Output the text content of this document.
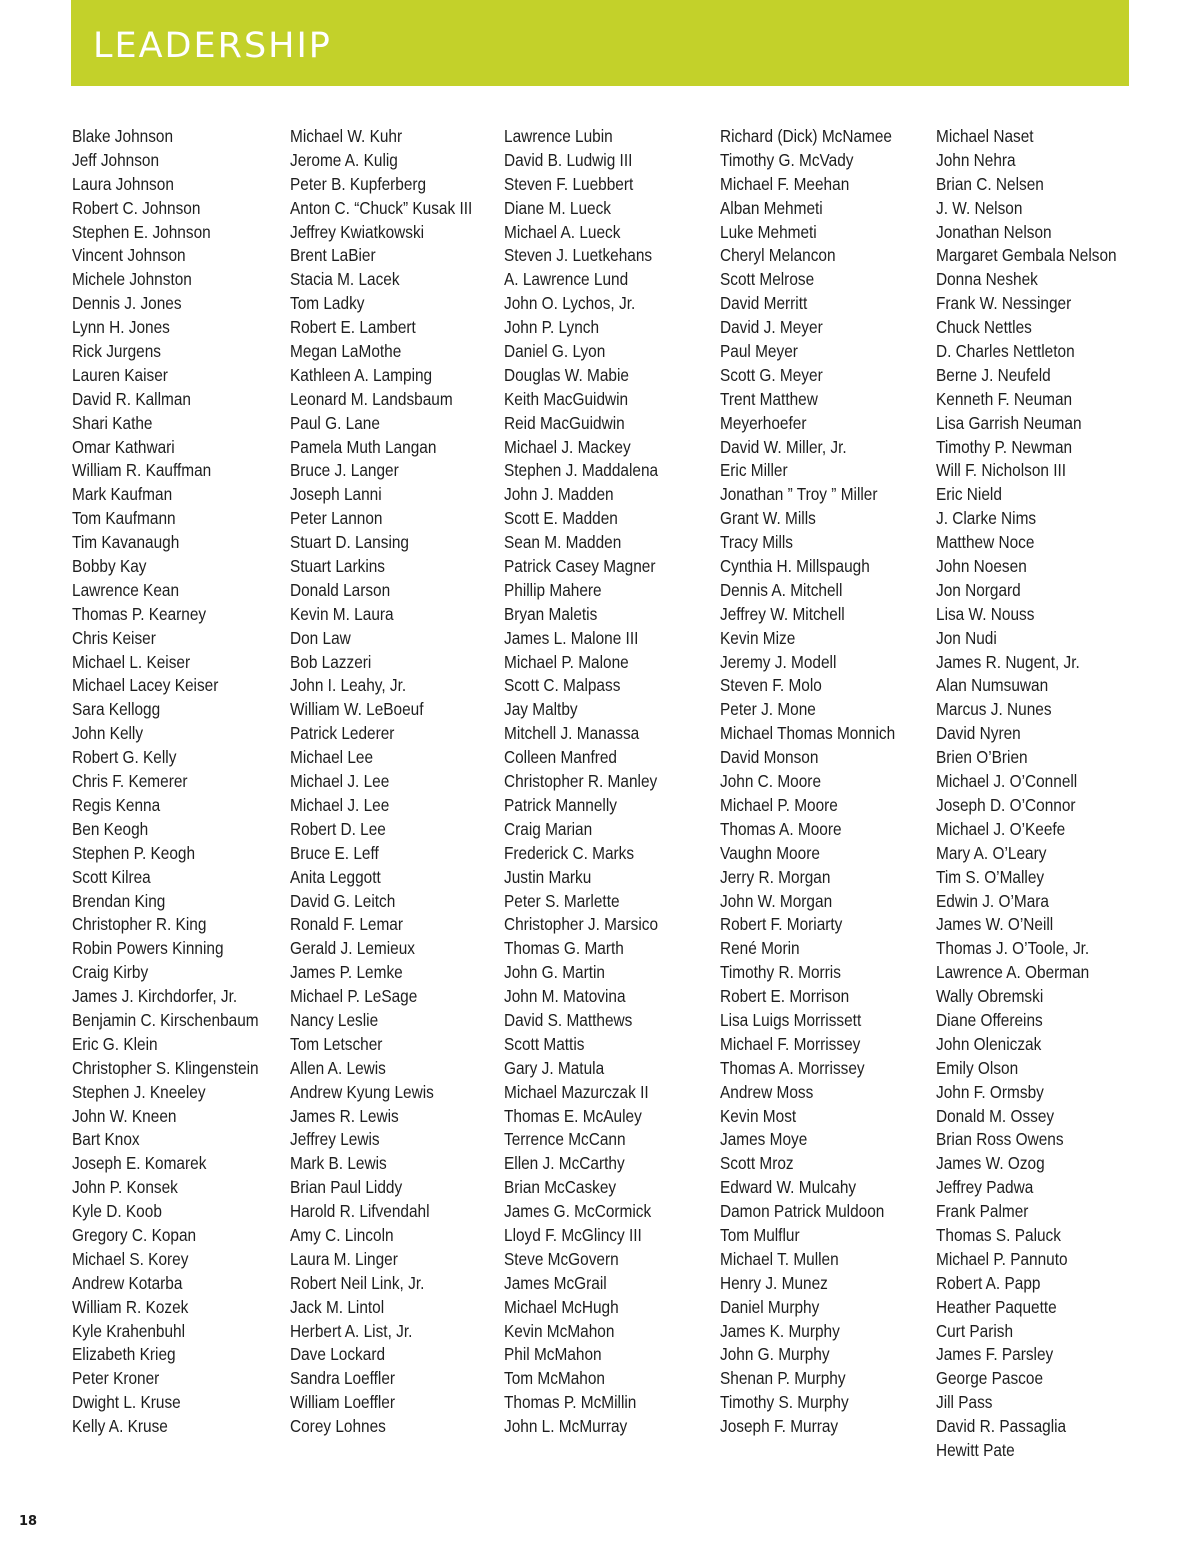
LEADERSHIP
Blake Johnson
Jeff Johnson
Laura Johnson
Robert C. Johnson
Stephen E. Johnson
Vincent Johnson
Michele Johnston
Dennis J. Jones
Lynn H. Jones
Rick Jurgens
Lauren Kaiser
David R. Kallman
Shari Kathe
Omar Kathwari
William R. Kauffman
Mark Kaufman
Tom Kaufmann
Tim Kavanaugh
Bobby Kay
Lawrence Kean
Thomas P. Kearney
Chris Keiser
Michael L. Keiser
Michael Lacey Keiser
Sara Kellogg
John Kelly
Robert G. Kelly
Chris F. Kemerer
Regis Kenna
Ben Keogh
Stephen P. Keogh
Scott Kilrea
Brendan King
Christopher R. King
Robin Powers Kinning
Craig Kirby
James J. Kirchdorfer, Jr.
Benjamin C. Kirschenbaum
Eric G. Klein
Christopher S. Klingenstein
Stephen J. Kneeley
John W. Kneen
Bart Knox
Joseph E. Komarek
John P. Konsek
Kyle D. Koob
Gregory C. Kopan
Michael S. Korey
Andrew Kotarba
William R. Kozek
Kyle Krahenbuhl
Elizabeth Krieg
Peter Kroner
Dwight L. Kruse
Kelly A. Kruse
Michael W. Kuhr
Jerome A. Kulig
Peter B. Kupferberg
Anton C. “Chuck” Kusak III
Jeffrey Kwiatkowski
Brent LaBier
Stacia M. Lacek
Tom Ladky
Robert E. Lambert
Megan LaMothe
Kathleen A. Lamping
Leonard M. Landsbaum
Paul G. Lane
Pamela Muth Langan
Bruce J. Langer
Joseph Lanni
Peter Lannon
Stuart D. Lansing
Stuart Larkins
Donald Larson
Kevin M. Laura
Don Law
Bob Lazzeri
John I. Leahy, Jr.
William W. LeBoeuf
Patrick Lederer
Michael Lee
Michael J. Lee
Michael J. Lee
Robert D. Lee
Bruce E. Leff
Anita Leggott
David G. Leitch
Ronald F. Lemar
Gerald J. Lemieux
James P. Lemke
Michael P. LeSage
Nancy Leslie
Tom Letscher
Allen A. Lewis
Andrew Kyung Lewis
James R. Lewis
Jeffrey Lewis
Mark B. Lewis
Brian Paul Liddy
Harold R. Lifvendahl
Amy C. Lincoln
Laura M. Linger
Robert Neil Link, Jr.
Jack M. Lintol
Herbert A. List, Jr.
Dave Lockard
Sandra Loeffler
William Loeffler
Corey Lohnes
Lawrence Lubin
David B. Ludwig III
Steven F. Luebbert
Diane M. Lueck
Michael A. Lueck
Steven J. Luetkehans
A. Lawrence Lund
John O. Lychos, Jr.
John P. Lynch
Daniel G. Lyon
Douglas W. Mabie
Keith MacGuidwin
Reid MacGuidwin
Michael J. Mackey
Stephen J. Maddalena
John J. Madden
Scott E. Madden
Sean M. Madden
Patrick Casey Magner
Phillip Mahere
Bryan Maletis
James L. Malone III
Michael P. Malone
Scott C. Malpass
Jay Maltby
Mitchell J. Manassa
Colleen Manfred
Christopher R. Manley
Patrick Mannelly
Craig Marian
Frederick C. Marks
Justin Marku
Peter S. Marlette
Christopher J. Marsico
Thomas G. Marth
John G. Martin
John M. Matovina
David S. Matthews
Scott Mattis
Gary J. Matula
Michael Mazurczak II
Thomas E. McAuley
Terrence McCann
Ellen J. McCarthy
Brian McCaskey
James G. McCormick
Lloyd F. McGlincy III
Steve McGovern
James McGrail
Michael McHugh
Kevin McMahon
Phil McMahon
Tom McMahon
Thomas P. McMillin
John L. McMurray
Richard (Dick) McNamee
Timothy G. McVady
Michael F. Meehan
Alban Mehmeti
Luke Mehmeti
Cheryl Melancon
Scott Melrose
David Merritt
David J. Meyer
Paul Meyer
Scott G. Meyer
Trent Matthew
Meyerhoefer
David W. Miller, Jr.
Eric Miller
Jonathan ” Troy ” Miller
Grant W. Mills
Tracy Mills
Cynthia H. Millspaugh
Dennis A. Mitchell
Jeffrey W. Mitchell
Kevin Mize
Jeremy J. Modell
Steven F. Molo
Peter J. Mone
Michael Thomas Monnich
David Monson
John C. Moore
Michael P. Moore
Thomas A. Moore
Vaughn Moore
Jerry R. Morgan
John W. Morgan
Robert F. Moriarty
René Morin
Timothy R. Morris
Robert E. Morrison
Lisa Luigs Morrissett
Michael F. Morrissey
Thomas A. Morrissey
Andrew Moss
Kevin Most
James Moye
Scott Mroz
Edward W. Mulcahy
Damon Patrick Muldoon
Tom Mulflur
Michael T. Mullen
Henry J. Munez
Daniel Murphy
James K. Murphy
John G. Murphy
Shenan P. Murphy
Timothy S. Murphy
Joseph F. Murray
Michael Naset
John Nehra
Brian C. Nelsen
J. W. Nelson
Jonathan Nelson
Margaret Gembala Nelson
Donna Neshek
Frank W. Nessinger
Chuck Nettles
D. Charles Nettleton
Berne J. Neufeld
Kenneth F. Neuman
Lisa Garrish Neuman
Timothy P. Newman
Will F. Nicholson III
Eric Nield
J. Clarke Nims
Matthew Noce
John Noesen
Jon Norgard
Lisa W. Nouss
Jon Nudi
James R. Nugent, Jr.
Alan Numsuwan
Marcus J. Nunes
David Nyren
Brien O’Brien
Michael J. O’Connell
Joseph D. O’Connor
Michael J. O’Keefe
Mary A. O’Leary
Tim S. O’Malley
Edwin J. O’Mara
James W. O’Neill
Thomas J. O’Toole, Jr.
Lawrence A. Oberman
Wally Obremski
Diane Offereins
John Oleniczak
Emily Olson
John F. Ormsby
Donald M. Ossey
Brian Ross Owens
James W. Ozog
Jeffrey Padwa
Frank Palmer
Thomas S. Paluck
Michael P. Pannuto
Robert A. Papp
Heather Paquette
Curt Parish
James F. Parsley
George Pascoe
Jill Pass
David R. Passaglia
Hewitt Pate
18
